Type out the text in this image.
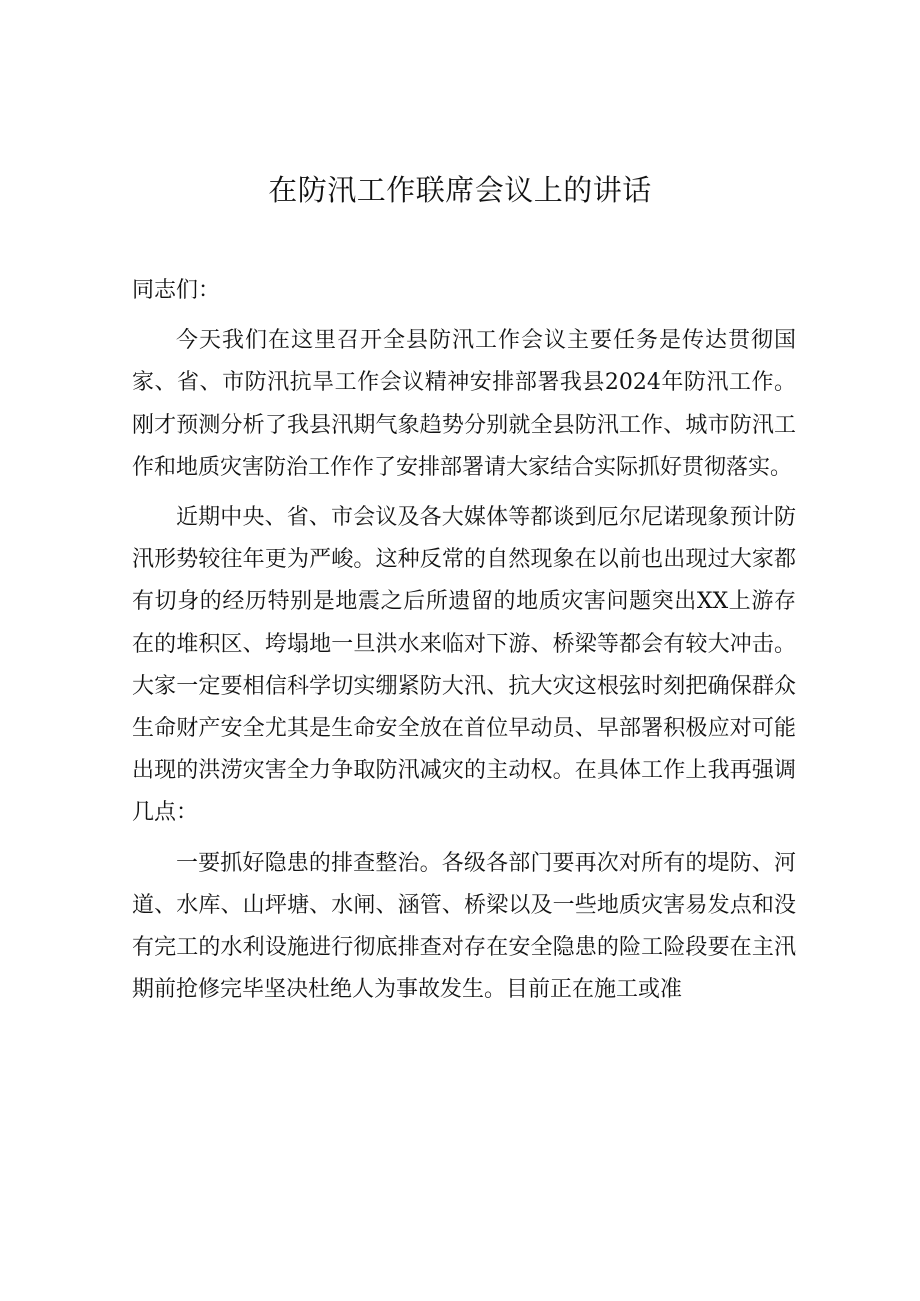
在防汛工作联席会议上的讲话

同志们：

今天我们在这里召开全县防汛工作会议主要任务是传达贯彻国家、省、市防汛抗旱工作会议精神安排部署我县2024年防汛工作。刚才预测分析了我县汛期气象趋势分别就全县防汛工作、城市防汛工作和地质灾害防治工作作了安排部署请大家结合实际抓好贯彻落实。

近期中央、省、市会议及各大媒体等都谈到厄尔尼诺现象预计防汛形势较往年更为严峻。这种反常的自然现象在以前也出现过大家都有切身的经历特别是地震之后所遗留的地质灾害问题突出XX上游存在的堆积区、垮塌地一旦洪水来临对下游、桥梁等都会有较大冲击。大家一定要相信科学切实绷紧防大汛、抗大灾这根弦时刻把确保群众生命财产安全尤其是生命安全放在首位早动员、早部署积极应对可能出现的洪涝灾害全力争取防汛减灾的主动权。在具体工作上我再强调几点：

一要抓好隐患的排查整治。各级各部门要再次对所有的堤防、河道、水库、山坪塘、水闸、涵管、桥梁以及一些地质灾害易发点和没有完工的水利设施进行彻底排查对存在安全隐患的险工险段要在主汛期前抢修完毕坚决杜绝人为事故发生。目前正在施工或准
